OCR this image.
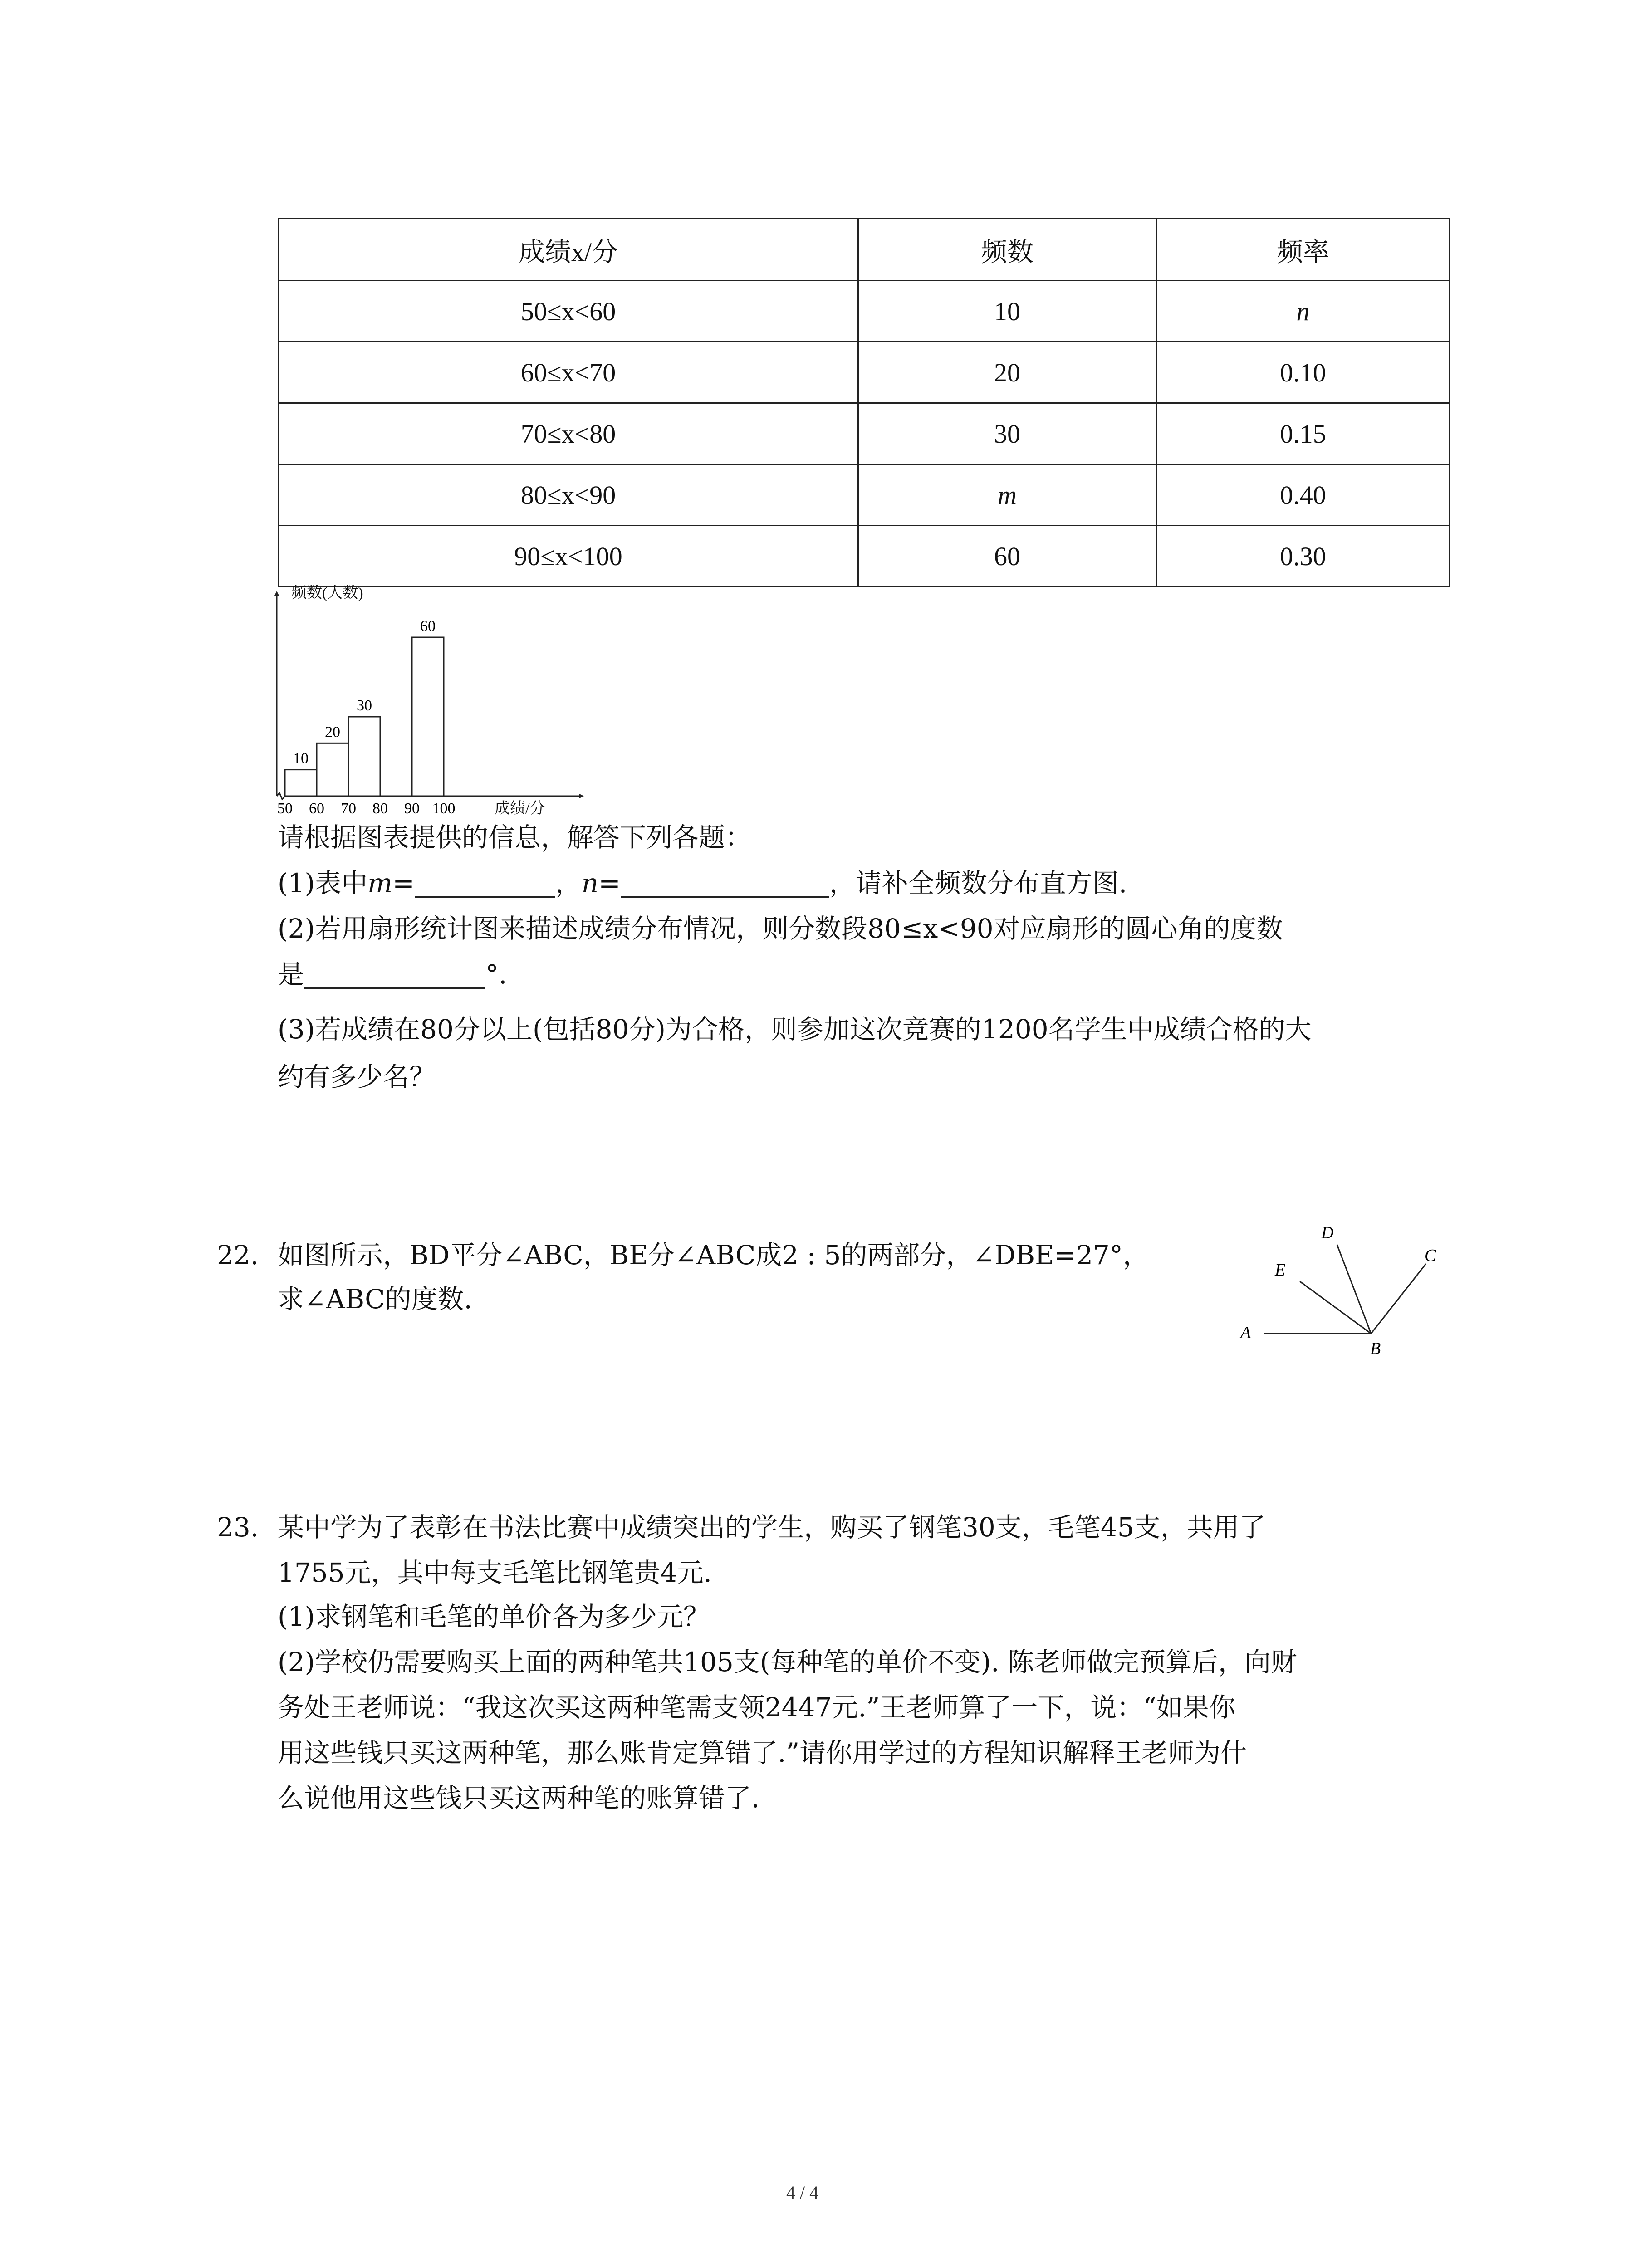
成绩x/分	频数	频率
50≤x<60	10	n
60≤x<70	20	0.10
70≤x<80	30	0.15
80≤x<90	m	0.40
90≤x<100	60	0.30
频数(人数)
成绩/分
10
20
30
60
50 60 70 80 90 100
请根据图表提供的信息，解答下列各题：
(1)表中m=	，n=	，请补全频数分布直方图.
(2)若用扇形统计图来描述成绩分布情况，则分数段80≤x<90对应扇形的圆心角的度数
是	°.
(3)若成绩在80分以上(包括80分)为合格，则参加这次竞赛的1200名学生中成绩合格的大
约有多少名？
22. 如图所示，BD平分∠ABC，BE分∠ABC成2 : 5的两部分，∠DBE=27°，
求∠ABC的度数.
A
B
C
D
E
23. 某中学为了表彰在书法比赛中成绩突出的学生，购买了钢笔30支，毛笔45支，共用了
1755元，其中每支毛笔比钢笔贵4元.
(1)求钢笔和毛笔的单价各为多少元？
(2)学校仍需要购买上面的两种笔共105支(每种笔的单价不变). 陈老师做完预算后，向财
务处王老师说：“我这次买这两种笔需支领2447元.”王老师算了一下，说：“如果你
用这些钱只买这两种笔，那么账肯定算错了.”请你用学过的方程知识解释王老师为什
么说他用这些钱只买这两种笔的账算错了.
4 / 4
